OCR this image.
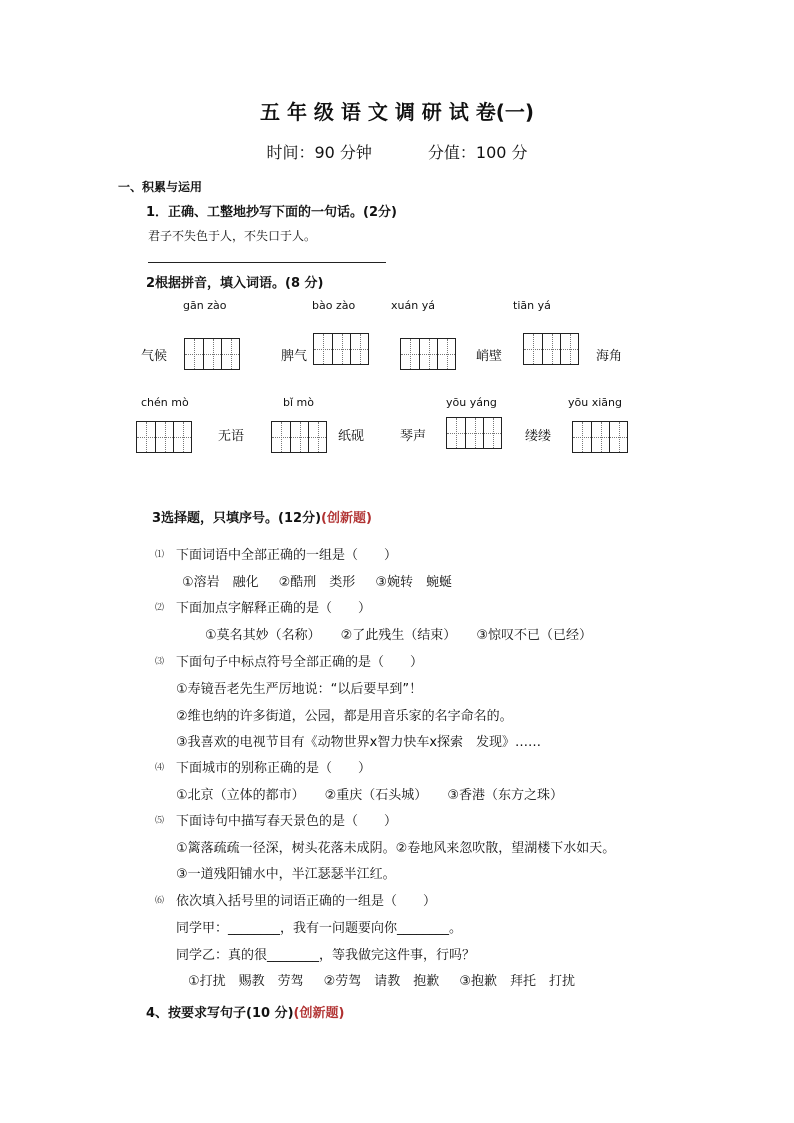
五 年 级 语 文 调 研 试 卷(一)
时间：90 分钟	分值：100 分
一、积累与运用
1．正确、工整地抄写下面的一句话。(2分)
君子不失色于人，不失口于人。
2根据拼音，填入词语。(8 分)
gān zào	bào zào	xuán yá	tiān yá
气候	脾气	峭壁	海角
chén mò	bǐ mò	yōu yáng	yōu xiāng
无语	纸砚	琴声	缕缕
3选择题，只填序号。(12分)(创新题)
⑴ 下面词语中全部正确的一组是（　　）
①溶岩　融化 ②酷刑　类形 ③婉转　蜿蜒
⑵ 下面加点字解释正确的是（　　）
①莫名其妙（名称） ②了此残生（结束） ③惊叹不已（已经）
⑶ 下面句子中标点符号全部正确的是（　　）
①寿镜吾老先生严厉地说：“以后要早到”！
②维也纳的许多街道，公园，都是用音乐家的名字命名的。
③我喜欢的电视节目有《动物世界ⅹ智力快车ⅹ探索　发现》……
⑷ 下面城市的别称正确的是（　　）
①北京（立体的都市） ②重庆（石头城） ③香港（东方之珠）
⑸ 下面诗句中描写春天景色的是（　　）
①篱落疏疏一径深，树头花落未成阴。②卷地风来忽吹散，望湖楼下水如天。
③一道残阳铺水中，半江瑟瑟半江红。
⑹ 依次填入括号里的词语正确的一组是（　　）
同学甲：________，我有一问题要向你________。
同学乙：真的很________，等我做完这件事，行吗？
①打扰　赐教　劳驾 ②劳驾　请教　抱歉 ③抱歉　拜托　打扰
4、按要求写句子(10 分)(创新题)
